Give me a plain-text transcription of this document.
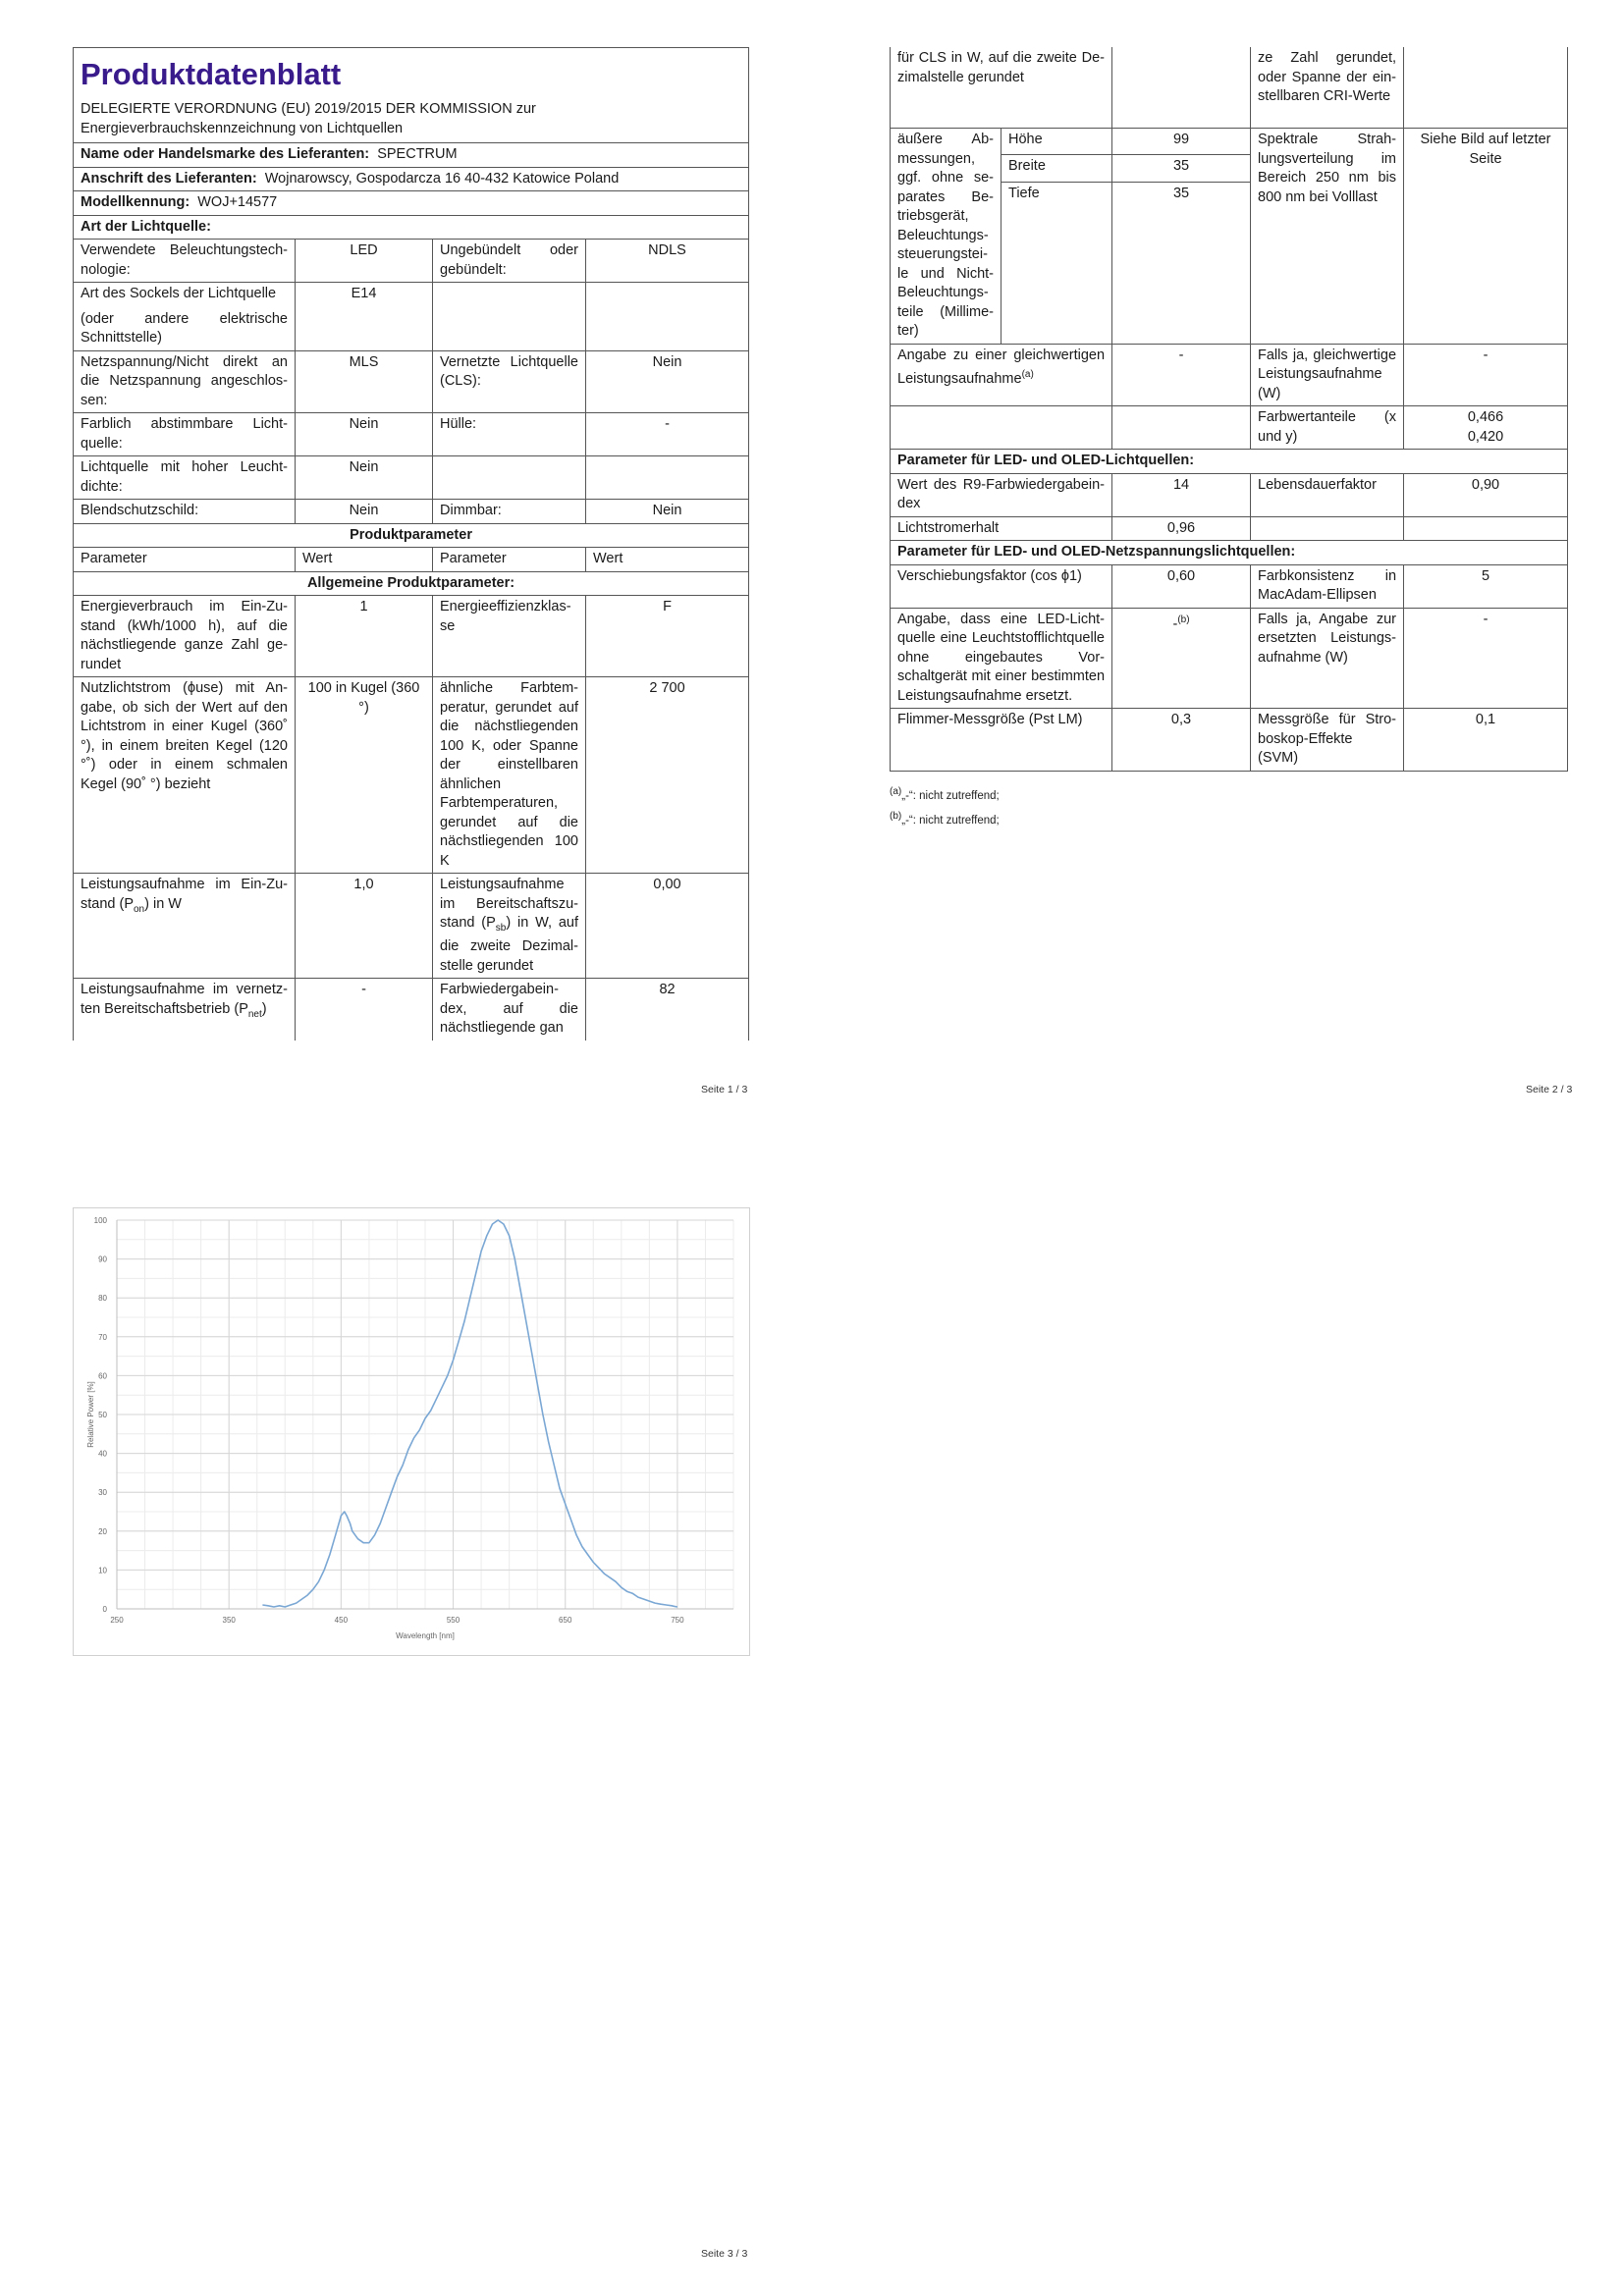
Produktdatenblatt
DELEGIERTE VERORDNUNG (EU) 2019/2015 DER KOMMISSION zur Energieverbrauchskennzeichnung von Lichtquellen			

Name oder Handelsmarke des Lieferanten: SPECTRUM			
Anschrift des Lieferanten: Wojnarowscy, Gospodarcza 16 40-432 Katowice Poland			
Modellkennung: WOJ+14577			
Art der Lichtquelle:			
Verwendete Beleuchtungstechnologie:	LED	Ungebündelt oder gebündelt:	NDLS

Art des Sockels der Lichtquelle
(oder andere elektrische Schnittstelle)	E14		
Netzspannung/Nicht direkt an die Netzspannung angeschlossen:	MLS	Vernetzte Lichtquelle (CLS):	Nein
Farblich abstimmbare Lichtquelle:	Nein	Hülle:	-
Lichtquelle mit hoher Leuchtdichte:	Nein		
Blendschutzschild:	Nein	Dimmbar:	Nein
Produktparameter			
Parameter	Wert	Parameter	Wert
Allgemeine Produktparameter:			
Energieverbrauch im Ein-Zustand (kWh/1000 h), auf die nächstliegende ganze Zahl gerundet	1	Energieeffizienzklasse	F
Nutzlichtstrom (ϕuse) mit Angabe, ob sich der Wert auf den Lichtstrom in einer Kugel (360˚ °), in einem breiten Kegel (120 °˚) oder in einem schmalen Kegel (90˚ °) bezieht	100 in Kugel (360 °)	ähnliche Farbtemperatur, gerundet auf die nächstliegenden 100 K, oder Spanne der einstellbaren ähnlichen Farbtemperaturen, gerundet auf die nächstliegenden 100 K	2 700
Leistungsaufnahme im Ein-Zustand $(P_{on})$ in W	1,0	Leistungsaufnahme im Bereitschaftszustand $(P_{sb})$ in W, auf die zweite Dezimalstelle gerundet	0,00
Leistungsaufnahme im vernetzten Bereitschaftsbetrieb $(P_{net})$	-	Farbwiedergabeindex, auf die nächstliegende gan	82
Seite 1 / 3
für CLS in W, auf die zweite Dezimalstelle gerundet			ze Zahl gerundet, oder Spanne der einstellbaren CRI-Werte	
äußere Abmessungen, ggf. ohne separates Betriebsgerät, Beleuchtungssteuerungsteile und Nicht-Beleuchtungsteile (Millimeter)	Höhe	99	Spektrale Strahlungsverteilung im Bereich 250 nm bis 800 nm bei Volllast	Siehe Bild auf letzter Seite
	Breite	35		
	Tiefe	35		
Angabe zu einer gleichwertigen Leistungsaufnahme$^{(a)}$		-	Falls ja, gleichwertige Leistungsaufnahme (W)	-
			Farbwertanteile (x und y)	0,466
0,420

Parameter für LED- und OLED-Lichtquellen:				
Wert des R9-Farbwiedergabeindex		14	Lebensdauerfaktor	0,90
Lichtstromerhalt		0,96		
Parameter für LED- und OLED-Netzspannungslichtquellen:				
Verschiebungsfaktor (cos ϕ1)		0,60	Farbkonsistenz in MacAdam-Ellipsen	5
Angabe, dass eine LED-Lichtquelle eine Leuchtstofflichtquelle ohne eingebautes Vorschaltgerät mit einer bestimmten Leistungsaufnahme ersetzt.		-$^{(b)}$	Falls ja, Angabe zur ersetzten Leistungsaufnahme (W)	-
Flimmer-Messgröße (Pst LM)		0,3	Messgröße für Stroboskop-Effekte (SVM)	0,1
$^{(a)}$„-“: nicht zutreffend;
$^{(b)}$„-“: nicht zutreffend;
Seite 2 / 3
250	350	450	550	650	750
0
10
20
30
40
50
60
70
80
90
100
Wavelength [nm]
Relative Power [%]
Seite 3 / 3
